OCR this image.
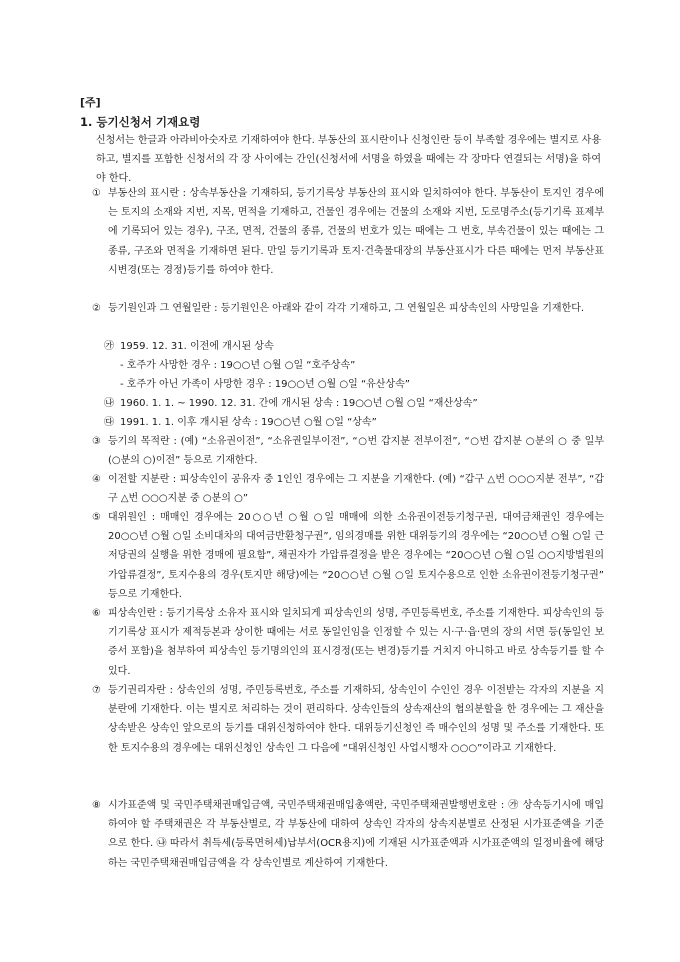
[주]
1. 등기신청서 기재요령
신청서는 한글과 아라비아숫자로 기재하여야 한다. 부동산의 표시란이나 신청인란 등이 부족할 경우에는 별지로 사용하고, 별지를 포함한 신청서의 각 장 사이에는 간인(신청서에 서명을 하였을 때에는 각 장마다 연결되는 서명)을 하여야 한다.
① 부동산의 표시란 : 상속부동산을 기재하되, 등기기록상 부동산의 표시와 일치하여야 한다. 부동산이 토지인 경우에는 토지의 소재와 지번, 지목, 면적을 기재하고, 건물인 경우에는 건물의 소재와 지번, 도로명주소(등기기록 표제부에 기록되어 있는 경우), 구조, 면적, 건물의 종류, 건물의 번호가 있는 때에는 그 번호, 부속건물이 있는 때에는 그 종류, 구조와 면적을 기재하면 된다. 만일 등기기록과 토지·건축물대장의 부동산표시가 다른 때에는 먼저 부동산표시변경(또는 경정)등기를 하여야 한다.
② 등기원인과 그 연월일란 : 등기원인은 아래와 같이 각각 기재하고, 그 연월일은 피상속인의 사망일을 기재한다.
㉮ 1959. 12. 31. 이전에 개시된 상속
- 호주가 사망한 경우 : 19○○년 ○월 ○일 “호주상속”
- 호주가 아닌 가족이 사망한 경우 : 19○○년 ○월 ○일 “유산상속”
㉯ 1960. 1. 1. ~ 1990. 12. 31. 간에 개시된 상속 : 19○○년 ○월 ○일 “재산상속”
㉰ 1991. 1. 1. 이후 개시된 상속 : 19○○년 ○월 ○일 “상속”
③ 등기의 목적란 : (예) “소유권이전”, “소유권일부이전”, “○번 갑지분 전부이전”, “○번 갑지분 ○분의 ○ 중 일부(○분의 ○)이전” 등으로 기재한다.
④ 이전할 지분란 : 피상속인이 공유자 중 1인인 경우에는 그 지분을 기재한다. (예) “갑구 △번 ○○○지분 전부”, “갑구 △번 ○○○지분 중 ○분의 ○”
⑤ 대위원인 : 매매인 경우에는 20○○년 ○월 ○일 매매에 의한 소유권이전등기청구권, 대여금채권인 경우에는 20○○년 ○월 ○일 소비대차의 대여금반환청구권”, 임의경매를 위한 대위등기의 경우에는 “20○○년 ○월 ○일 근저당권의 실행을 위한 경매에 필요함”, 채권자가 가압류결정을 받은 경우에는 “20○○년 ○월 ○일 ○○지방법원의 가압류결정”, 토지수용의 경우(토지만 해당)에는 “20○○년 ○월 ○일 토지수용으로 인한 소유권이전등기청구권” 등으로 기재한다.
⑥ 피상속인란 : 등기기록상 소유자 표시와 일치되게 피상속인의 성명, 주민등록번호, 주소를 기재한다. 피상속인의 등기기록상 표시가 제적등본과 상이한 때에는 서로 동일인임을 인정할 수 있는 시·구·읍·면의 장의 서면 등(동일인 보증서 포함)을 첨부하여 피상속인 등기명의인의 표시경정(또는 변경)등기를 거치지 아니하고 바로 상속등기를 할 수 있다.
⑦ 등기권리자란 : 상속인의 성명, 주민등록번호, 주소를 기재하되, 상속인이 수인인 경우 이전받는 각자의 지분을 지분란에 기재한다. 이는 별지로 처리하는 것이 편리하다. 상속인들의 상속재산의 협의분할을 한 경우에는 그 재산을 상속받은 상속인 앞으로의 등기를 대위신청하여야 한다. 대위등기신청인 즉 매수인의 성명 및 주소를 기재한다. 또한 토지수용의 경우에는 대위신청인 상속인 그 다음에 “대위신청인 사업시행자 ○○○”이라고 기재한다.
⑧ 시가표준액 및 국민주택채권매입금액, 국민주택채권매입총액란, 국민주택채권발행번호란 : ㉮ 상속등기시에 매입하여야 할 주택채권은 각 부동산별로, 각 부동산에 대하여 상속인 각자의 상속지분별로 산정된 시가표준액을 기준으로 한다. ㉯ 따라서 취득세(등록면허세)납부서(OCR용지)에 기재된 시가표준액과 시가표준액의 일정비율에 해당하는 국민주택채권매입금액을 각 상속인별로 계산하여 기재한다.
